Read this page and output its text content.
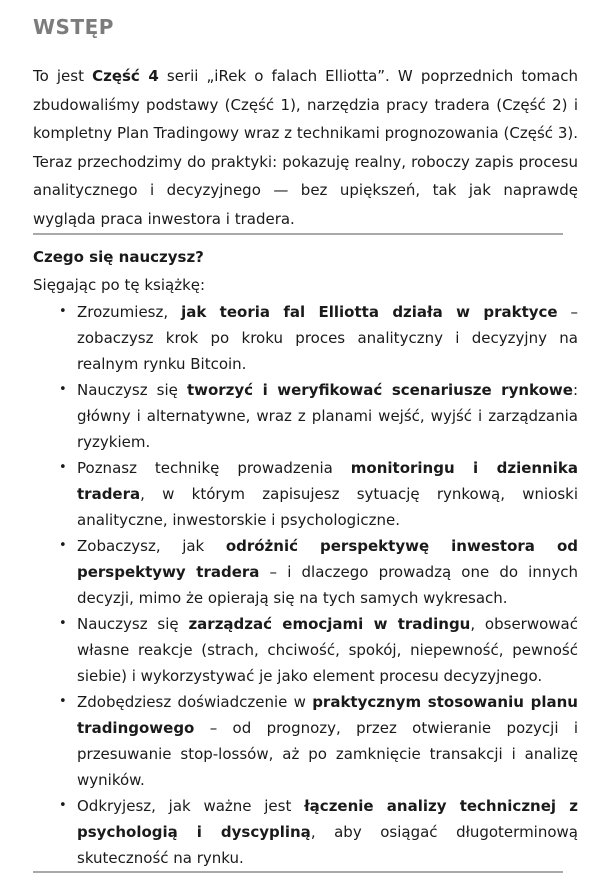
WSTĘP

To jest Część 4 serii „iRek o falach Elliotta”. W poprzednich tomach zbudowaliśmy podstawy (Część 1), narzędzia pracy tradera (Część 2) i kompletny Plan Tradingowy wraz z technikami prognozowania (Część 3). Teraz przechodzimy do praktyki: pokazuję realny, roboczy zapis procesu analitycznego i decyzyjnego — bez upiększeń, tak jak naprawdę wygląda praca inwestora i tradera.

Czego się nauczysz?

Sięgając po tę książkę:

• Zrozumiesz, jak teoria fal Elliotta działa w praktyce – zobaczysz krok po kroku proces analityczny i decyzyjny na realnym rynku Bitcoin.
• Nauczysz się tworzyć i weryfikować scenariusze rynkowe: główny i alternatywne, wraz z planami wejść, wyjść i zarządzania ryzykiem.
• Poznasz technikę prowadzenia monitoringu i dziennika tradera, w którym zapisujesz sytuację rynkową, wnioski analityczne, inwestorskie i psychologiczne.
• Zobaczysz, jak odróżnić perspektywę inwestora od perspektywy tradera – i dlaczego prowadzą one do innych decyzji, mimo że opierają się na tych samych wykresach.
• Nauczysz się zarządzać emocjami w tradingu, obserwować własne reakcje (strach, chciwość, spokój, niepewność, pewność siebie) i wykorzystywać je jako element procesu decyzyjnego.
• Zdobędziesz doświadczenie w praktycznym stosowaniu planu tradingowego – od prognozy, przez otwieranie pozycji i przesuwanie stop-lossów, aż po zamknięcie transakcji i analizę wyników.
• Odkryjesz, jak ważne jest łączenie analizy technicznej z psychologią i dyscypliną, aby osiągać długoterminową skuteczność na rynku.
